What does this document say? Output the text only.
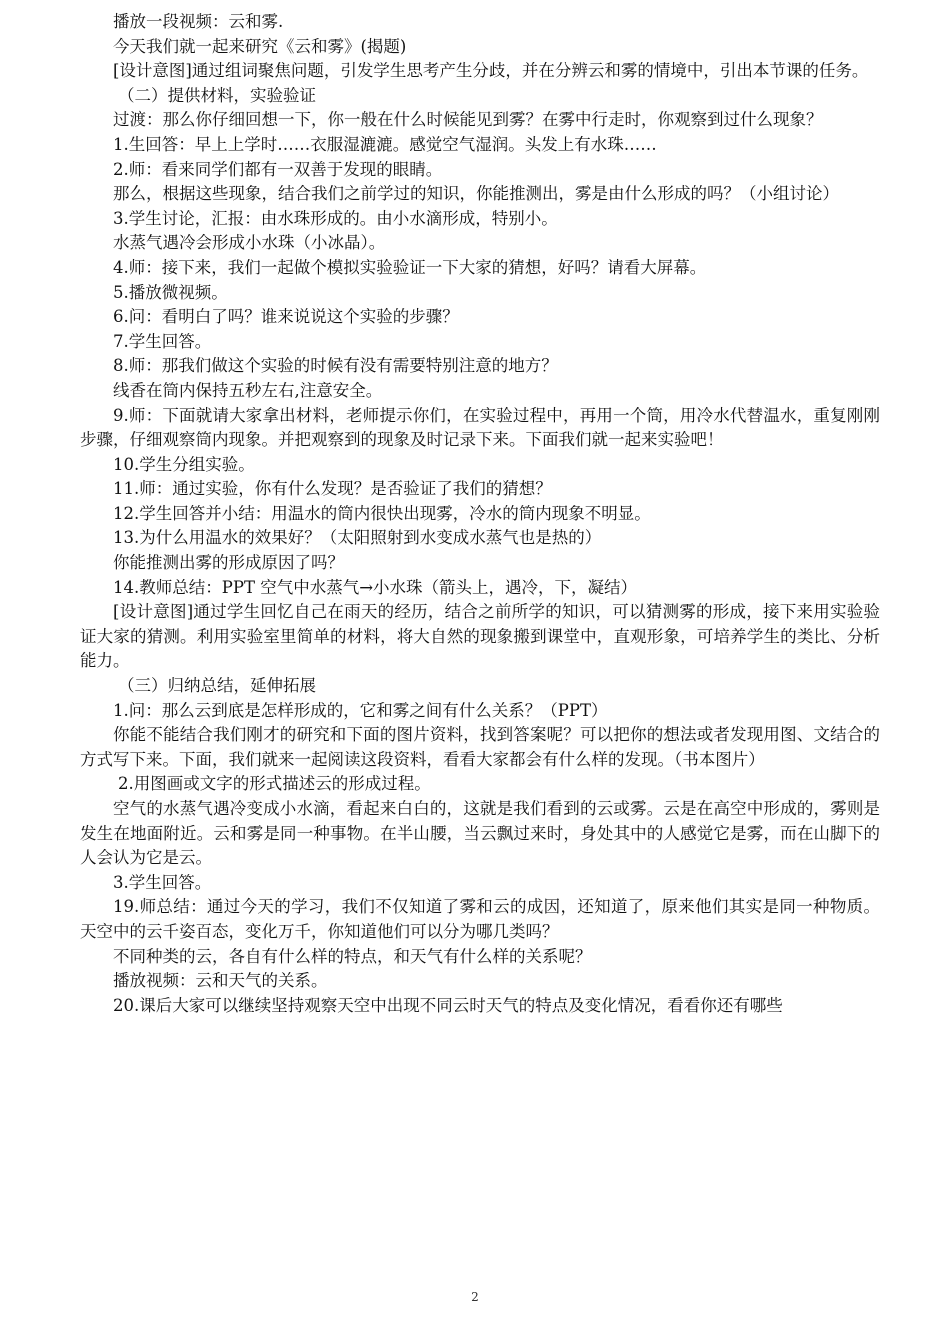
播放一段视频：云和雾.

今天我们就一起来研究《云和雾》(揭题)

[设计意图]通过组词聚焦问题，引发学生思考产生分歧，并在分辨云和雾的情境中，引出本节课的任务。

（二）提供材料，实验验证

过渡：那么你仔细回想一下，你一般在什么时候能见到雾？在雾中行走时，你观察到过什么现象？

1.生回答：早上上学时……衣服湿漉漉。感觉空气湿润。头发上有水珠……

2.师：看来同学们都有一双善于发现的眼睛。

那么，根据这些现象，结合我们之前学过的知识，你能推测出，雾是由什么形成的吗？（小组讨论）

3.学生讨论，汇报：由水珠形成的。由小水滴形成，特别小。

水蒸气遇冷会形成小水珠（小冰晶）。

4.师：接下来，我们一起做个模拟实验验证一下大家的猜想，好吗？请看大屏幕。

5.播放微视频。

6.问：看明白了吗？谁来说说这个实验的步骤？

7.学生回答。

8.师：那我们做这个实验的时候有没有需要特别注意的地方？

线香在筒内保持五秒左右,注意安全。

9.师：下面就请大家拿出材料，老师提示你们，在实验过程中，再用一个筒，用冷水代替温水，重复刚刚步骤，仔细观察筒内现象。并把观察到的现象及时记录下来。下面我们就一起来实验吧！

10.学生分组实验。

11.师：通过实验，你有什么发现？是否验证了我们的猜想？

12.学生回答并小结：用温水的筒内很快出现雾，冷水的筒内现象不明显。

13.为什么用温水的效果好？（太阳照射到水变成水蒸气也是热的）

你能推测出雾的形成原因了吗？

14.教师总结：PPT 空气中水蒸气→小水珠（箭头上，遇冷，下，凝结）

[设计意图]通过学生回忆自己在雨天的经历，结合之前所学的知识，可以猜测雾的形成，接下来用实验验证大家的猜测。利用实验室里简单的材料，将大自然的现象搬到课堂中，直观形象，可培养学生的类比、分析能力。

（三）归纳总结，延伸拓展

1.问：那么云到底是怎样形成的，它和雾之间有什么关系？（PPT）

你能不能结合我们刚才的研究和下面的图片资料，找到答案呢？可以把你的想法或者发现用图、文结合的方式写下来。下面，我们就来一起阅读这段资料，看看大家都会有什么样的发现。（书本图片）

2.用图画或文字的形式描述云的形成过程。

空气的水蒸气遇冷变成小水滴，看起来白白的，这就是我们看到的云或雾。云是在高空中形成的，雾则是发生在地面附近。云和雾是同一种事物。在半山腰，当云飘过来时，身处其中的人感觉它是雾，而在山脚下的人会认为它是云。

3.学生回答。

19.师总结：通过今天的学习，我们不仅知道了雾和云的成因，还知道了，原来他们其实是同一种物质。天空中的云千姿百态，变化万千，你知道他们可以分为哪几类吗？

不同种类的云，各自有什么样的特点，和天气有什么样的关系呢？

播放视频：云和天气的关系。

20.课后大家可以继续坚持观察天空中出现不同云时天气的特点及变化情况，看看你还有哪些

2
